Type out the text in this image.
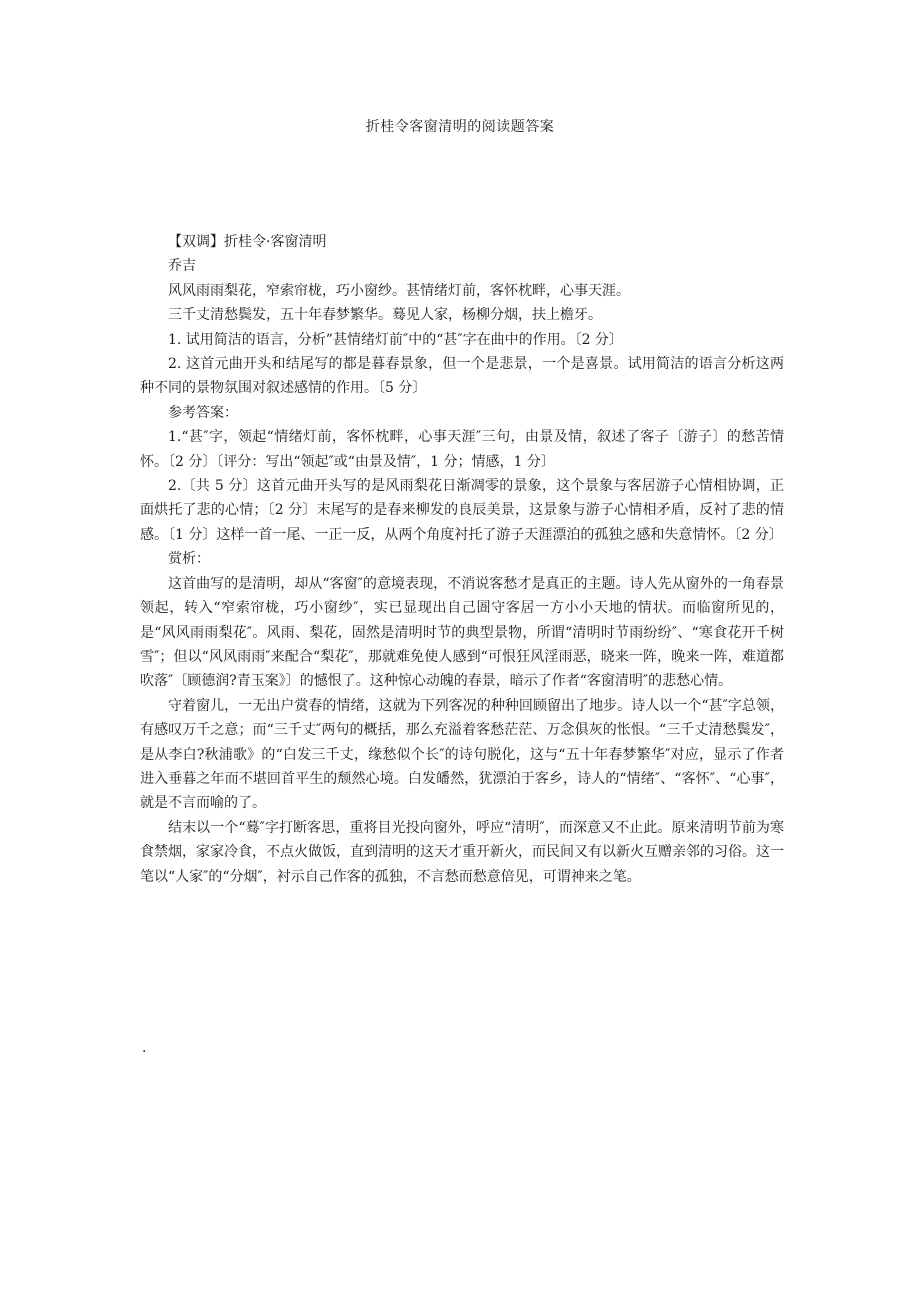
折桂令客窗清明的阅读题答案

【双调】折桂令·客窗清明

乔吉

风风雨雨梨花，窄索帘栊，巧小窗纱。甚情绪灯前，客怀枕畔，心事天涯。

三千丈清愁鬓发，五十年春梦繁华。蓦见人家，杨柳分烟，扶上檐牙。

1. 试用简洁的语言，分析”甚情绪灯前″中的“甚″字在曲中的作用。〔2 分〕

2. 这首元曲开头和结尾写的都是暮春景象，但一个是悲景，一个是喜景。试用简洁的语言分析这两种不同的景物氛围对叙述感情的作用。〔5 分〕

参考答案：

1.“甚″字，领起“情绪灯前，客怀枕畔，心事天涯″三句，由景及情，叙述了客子〔游子〕的愁苦情怀。〔2 分〕〔评分：写出“领起″或“由景及情″，1 分；情感，1 分〕

2.〔共 5 分〕这首元曲开头写的是风雨梨花日渐凋零的景象，这个景象与客居游子心情相协调，正面烘托了悲的心情；〔2 分〕末尾写的是春来柳发的良辰美景，这景象与游子心情相矛盾，反衬了悲的情感。〔1 分〕这样一首一尾、一正一反，从两个角度衬托了游子天涯漂泊的孤独之感和失意情怀。〔2 分〕

赏析：

这首曲写的是清明，却从“客窗″的意境表现，不消说客愁才是真正的主题。诗人先从窗外的一角春景领起，转入“窄索帘栊，巧小窗纱″，实已显现出自己圄守客居一方小小天地的情状。而临窗所见的，是“风风雨雨梨花″。风雨、梨花，固然是清明时节的典型景物，所谓“清明时节雨纷纷″、“寒食花开千树雪″；但以“风风雨雨″来配合“梨花″，那就难免使人感到“可恨狂风淫雨恶，晓来一阵，晚来一阵，难道都吹落″〔顾德润?青玉案》〕的憾恨了。这种惊心动魄的春景，暗示了作者“客窗清明″的悲愁心情。

守着窗儿，一无出户赏春的情绪，这就为下列客况的种种回顾留出了地步。诗人以一个“甚″字总领，有感叹万千之意；而“三千丈″两句的概括，那么充溢着客愁茫茫、万念俱灰的怅恨。“三千丈清愁鬓发″，是从李白?秋浦歌》的“白发三千丈，缘愁似个长″的诗句脱化，这与“五十年春梦繁华″对应，显示了作者进入垂暮之年而不堪回首平生的颓然心境。白发皤然，犹漂泊于客乡，诗人的“情绪″、“客怀″、“心事″，就是不言而喻的了。

结末以一个“蓦″字打断客思，重将目光投向窗外，呼应“清明″，而深意又不止此。原来清明节前为寒食禁烟，家家冷食，不点火做饭，直到清明的这天才重开新火，而民间又有以新火互赠亲邻的习俗。这一笔以“人家″的“分烟″，衬示自己作客的孤独，不言愁而愁意倍见，可谓神来之笔。

.
